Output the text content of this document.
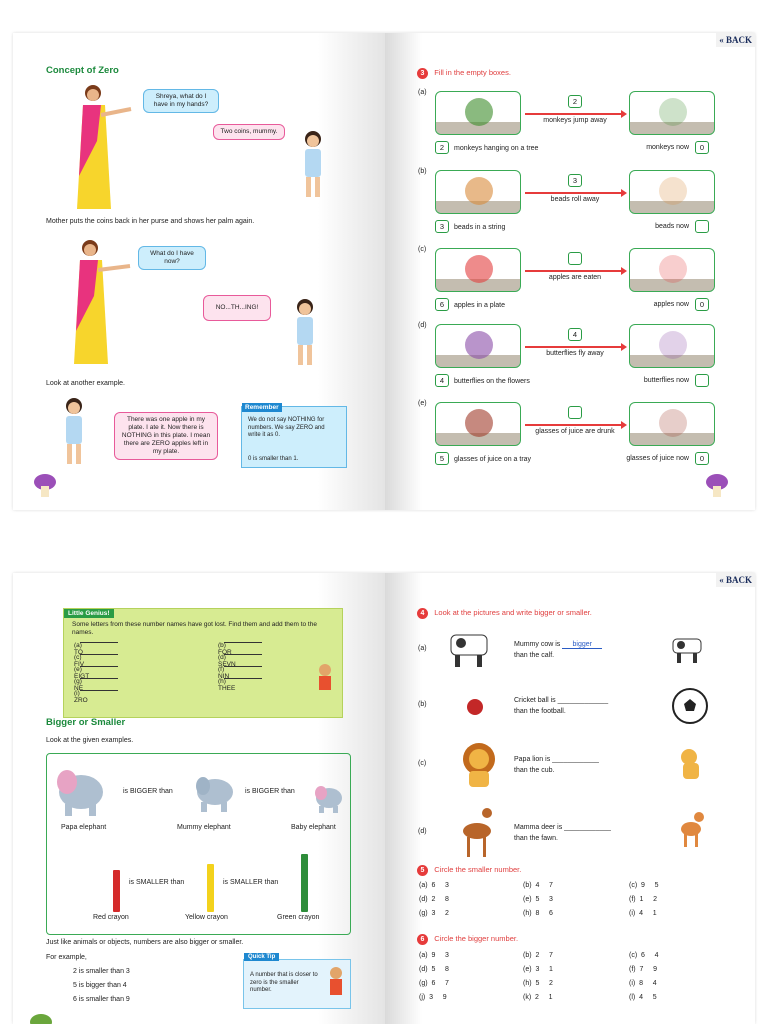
Concept of Zero
Shreya, what do I have in my hands?
Two coins, mummy.
Mother puts the coins back in her purse and shows her palm again.
What do I have now?
NO...TH...ING!
Look at another example.
There was one apple in my plate. I ate it. Now there is NOTHING in this plate. I mean there are ZERO apples left in my plate.
Remember
We do not say NOTHING for numbers. We say ZERO and write it as 0.
0 is smaller than 1.
« BACK
3 Fill in the empty boxes.
(a)
2
monkeys jump away
2 monkeys hanging on a tree	monkeys now	0
(b)
3
beads roll away
3 beads in a string	beads now
(c)
apples are eaten
6 apples in a plate	apples now	0
(d)
4
butterflies fly away
4 butterflies on the flowers	butterflies now
(e)
glasses of juice are drunk
5 glasses of juice on a tray	glasses of juice now	0
Little Genius!
Some letters from these number names have got lost. Find them and add them to the names.
(a) TO
(b) FOR
(c) FIV
(d) SEVN
(e) EIGT
(f) NIN
(g) NE
(h) THEE
(i) ZRO
Bigger or Smaller
Look at the given examples.
is BIGGER than	is BIGGER than
Papa elephant	Mummy elephant	Baby elephant
is SMALLER than	is SMALLER than
Red crayon	Yellow crayon	Green crayon
Just like animals or objects, numbers are also bigger or smaller.
For example,
2 is smaller than 3
5 is bigger than 4
6 is smaller than 9
Quick Tip
A number that is closer to zero is the smaller number.
« BACK
4 Look at the pictures and write bigger or smaller.
(a)
Mummy cow is bigger
than the calf.
(b)
Cricket ball is _____________
than the football.
(c)
Papa lion is ____________
than the cub.
(d)
Mamma deer is ____________
than the fawn.
5 Circle the smaller number.
(a)  6     3	(b)  4     7	(c)  9     5
(d)  2     8	(e)  5     3	(f)  1     2
(g)  3     2	(h)  8     6	(i)  4     1
6 Circle the bigger number.
(a)  9     3	(b)  2     7	(c)  6     4
(d)  5     8	(e)  3     1	(f)  7     9
(g)  6     7	(h)  5     2	(i)  8     4
(j)  3     9	(k)  2     1	(l)  4     5
